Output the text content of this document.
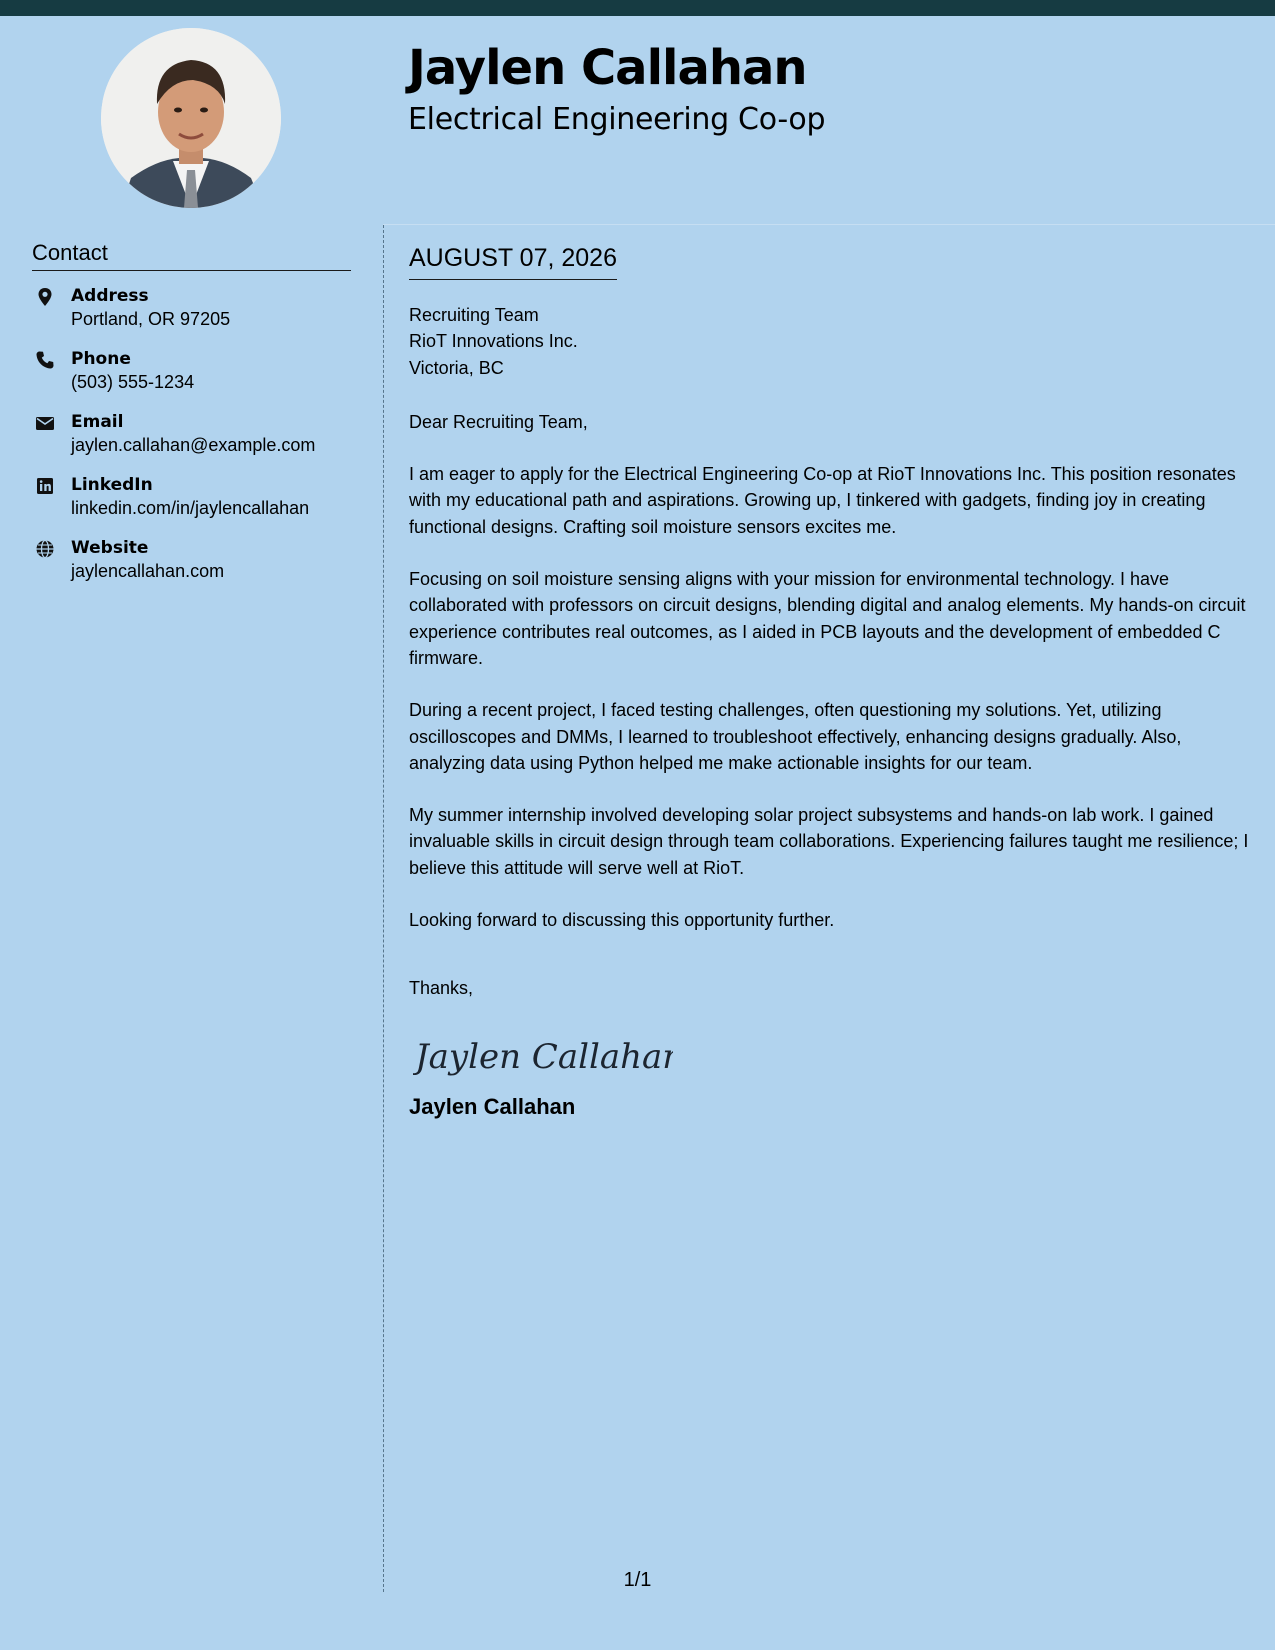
Jaylen Callahan
Electrical Engineering Co-op
Contact
Address
Portland, OR 97205
Phone
(503) 555-1234
Email
jaylen.callahan@example.com
LinkedIn
linkedin.com/in/jaylencallahan
Website
jaylencallahan.com
AUGUST 07, 2026
Recruiting Team
RioT Innovations Inc.
Victoria, BC
Dear Recruiting Team,

I am eager to apply for the Electrical Engineering Co-op at RioT Innovations Inc. This position resonates with my educational path and aspirations. Growing up, I tinkered with gadgets, finding joy in creating functional designs. Crafting soil moisture sensors excites me.

Focusing on soil moisture sensing aligns with your mission for environmental technology. I have collaborated with professors on circuit designs, blending digital and analog elements. My hands-on circuit experience contributes real outcomes, as I aided in PCB layouts and the development of embedded C firmware.

During a recent project, I faced testing challenges, often questioning my solutions. Yet, utilizing oscilloscopes and DMMs, I learned to troubleshoot effectively, enhancing designs gradually. Also, analyzing data using Python helped me make actionable insights for our team.

My summer internship involved developing solar project subsystems and hands-on lab work. I gained invaluable skills in circuit design through team collaborations. Experiencing failures taught me resilience; I believe this attitude will serve well at RioT.

Looking forward to discussing this opportunity further.

Thanks,
Jaylen Callahan
Jaylen Callahan
1/1
